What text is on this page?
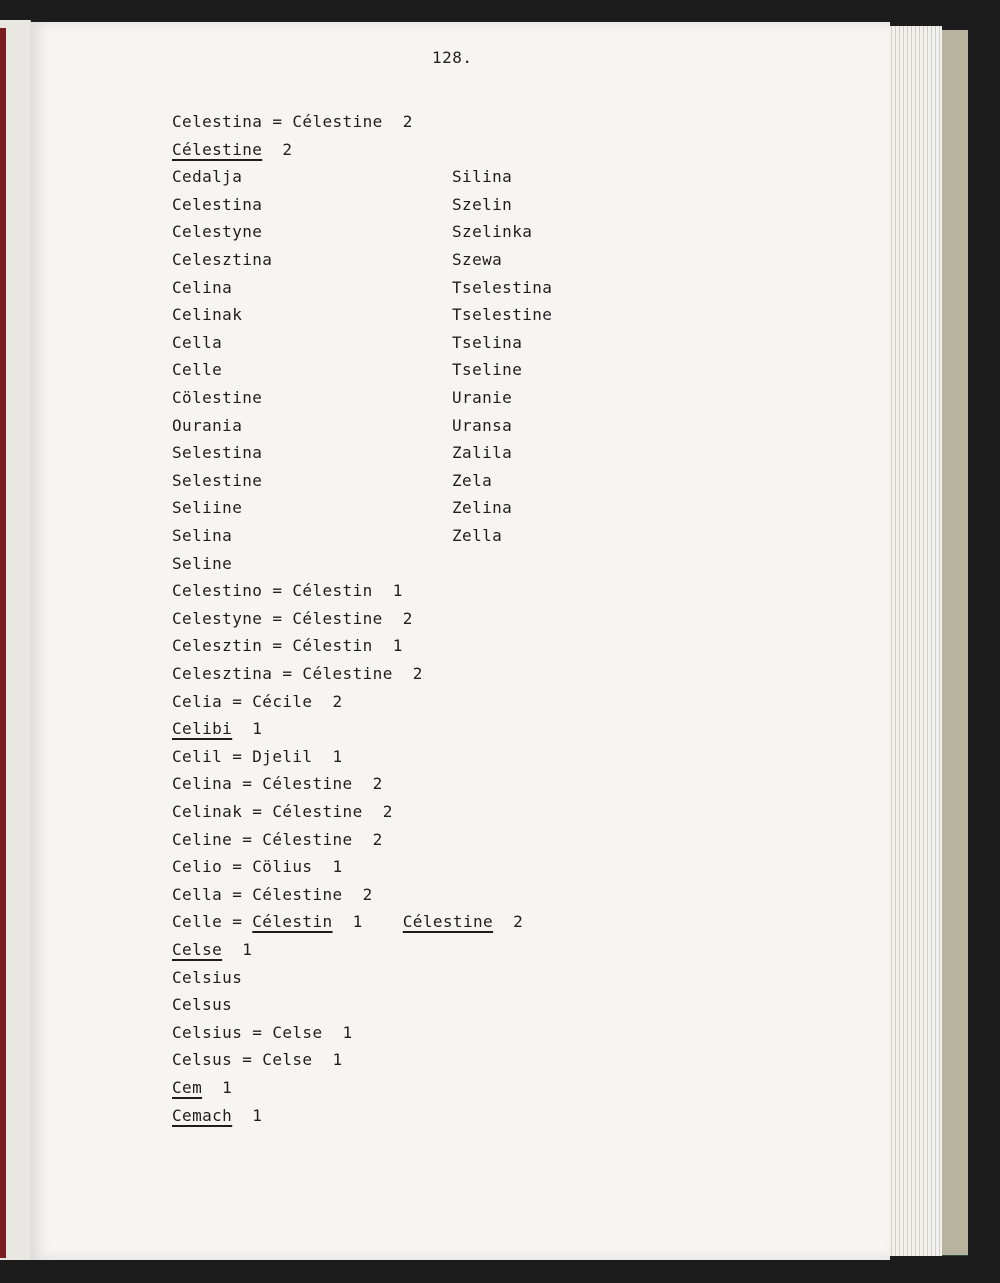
128.
Celestina = Célestine  2
Célestine  2
Cedalja
Celestina
Celestyne
Celesztina
Celina
Celinak
Cella
Celle
Cölestine
Ourania
Selestina
Selestine
Seliine
Selina
Seline
Celestino = Célestin  1
Celestyne = Célestine  2
Celesztin = Célestin  1
Celesztina = Célestine  2
Celia = Cécile  2
Celibi  1
Celil = Djelil  1
Celina = Célestine  2
Celinak = Célestine  2
Celine = Célestine  2
Celio = Cölius  1
Cella = Célestine  2
Celle = Célestin  1    Célestine  2
Celse  1
Celsius
Celsus
Celsius = Celse  1
Celsus = Celse  1
Cem  1
Cemach  1
Silina
Szelin
Szelinka
Szewa
Tselestina
Tselestine
Tselina
Tseline
Uranie
Uransa
Zalila
Zela
Zelina
Zella
